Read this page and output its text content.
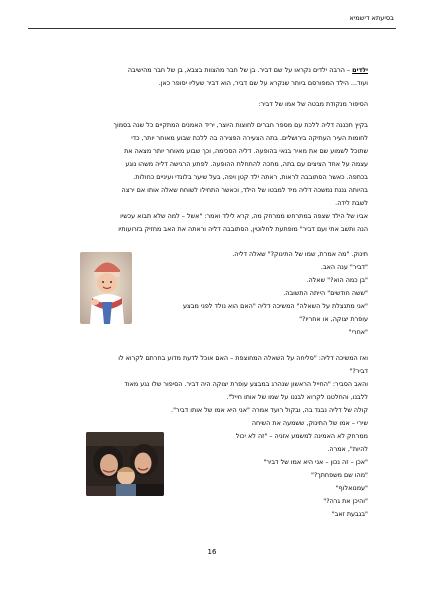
בסיעתא דישמיא

ילדים – הרבה ילדים נקראו על שם דביר. בן של חבר מהצוות בצבא, בן של חבר מהישיבה

ועוד... הילד המפורסם ביותר שנקרא על שם דביר, הוא דביר שעליו יסופר כאן.

הסיפור מנקודת מבטה של אמו של דביר:

בקיץ תכננה דליה ללכת עם מספר חברים לחוצות היוצר, יריד האמנים המתקיים כל שנה בסמוך

לחומות העיר העתיקה בירושלים. בתה הצעירה הפצירה בה ללכת שבוע מאוחר יותר, כדי

שתוכל לשמוע שם את מאיר בנאי בהופעה. דליה הסכימה, וכך שבוע מאוחר יותר מצאה את

עצמה על אחד הציצים עם בתה, מחכה להתחלת ההופעה. לפתע הרגישה דליה משהו נוגע

בכתפה. כאשר הסתובבה לראות, ראתה ילד קטן ויפה, בעל שיער בלונדי ועיניים כחולות.

בהיותה גננת נמשכה דליה מיד למבטו של הילד, וכאשר התחילו לשוחח שאלה אותו אם ירצה

לשבת לידה.

אביו של הילד שצפה במתרחש ממרחק מה, קרא לילד ואמר: "אשל – למה שלא תבוא עכשיו

הנה ותשב אתי ועם דביר" מופתעת לחלוטין, הסתובבה דליה וראתה את האב מחזיק בזרועותיו

תינוק. "מה אמרת, שמו של התינוק?" שאלה דליה.

"דביר" ענה האב.

"בן כמה הוא?" שאלה.

"ששה חודשים" הייתה התשובה.

"אני מתנצלת על השאלה" המשיכה דליה "האם הוא נולד לפני מבצע

עופרת יצוקה, או אחריו?"

"אחרי"

ואז המשיכה דליה: "סליחה על השאלה המחוצפת – האם אוכל לדעת מדוע בחרתם לקרוא לו

דביר?"

והאב הסביר: "החייל הראשון שנהרג במבצע עופרת יצוקה היה דביר. הסיפור שלו נגע מאוד

ללבנו, והחלטנו לקרוא לבננו על שמו של אותו חייל".

קולה של דליה נבגד בה, ובקול רועד אמרה "אני היא אמו של אותו דביר".

שירי – אמו של התינוק, ששמעה את השיחה

ממרחק לא האמינה למשמע אזניה – "זה לא יכול

להיות", אמרה.

"אכן – זה נכון – אני היא אמו של דביר"

"מהו שם משפחתך?"

"עמנואלוף"

"והיכן את גרה?"

"בגבעת זאב"

16
